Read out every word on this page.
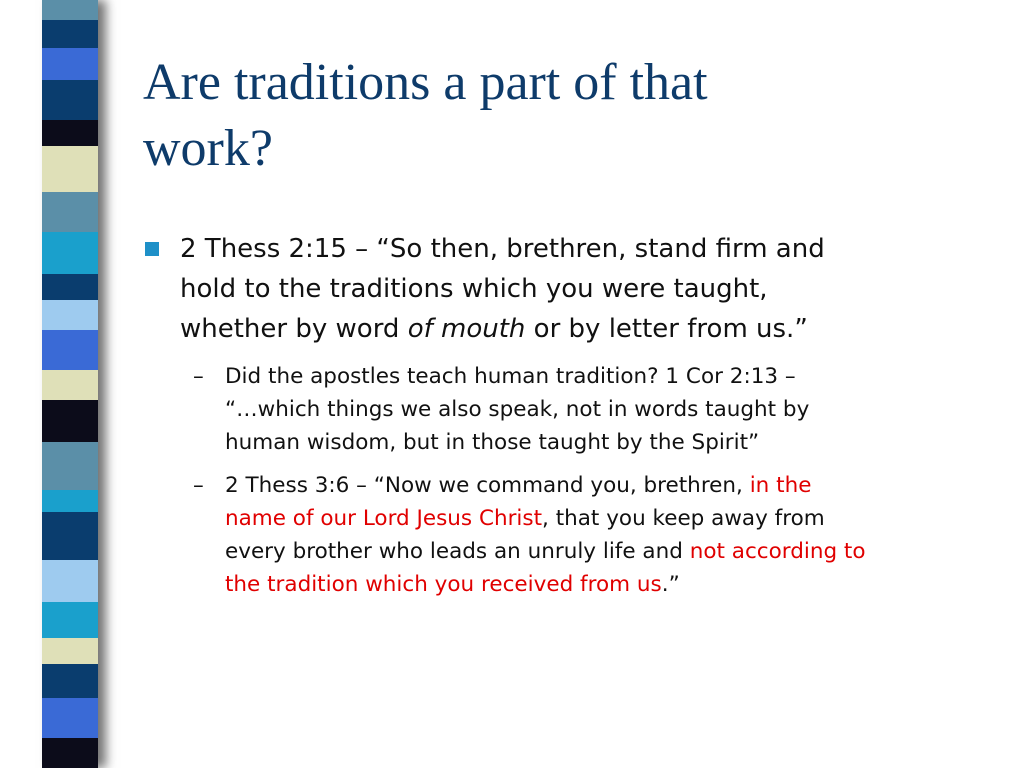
Are traditions a part of that
work?
2 Thess 2:15 – “So then, brethren, stand firm and
hold to the traditions which you were taught,
whether by word of mouth or by letter from us.”
– Did the apostles teach human tradition? 1 Cor 2:13 –
“…which things we also speak, not in words taught by
human wisdom, but in those taught by the Spirit”
– 2 Thess 3:6 – “Now we command you, brethren, in the
name of our Lord Jesus Christ, that you keep away from
every brother who leads an unruly life and not according to
the tradition which you received from us.”
